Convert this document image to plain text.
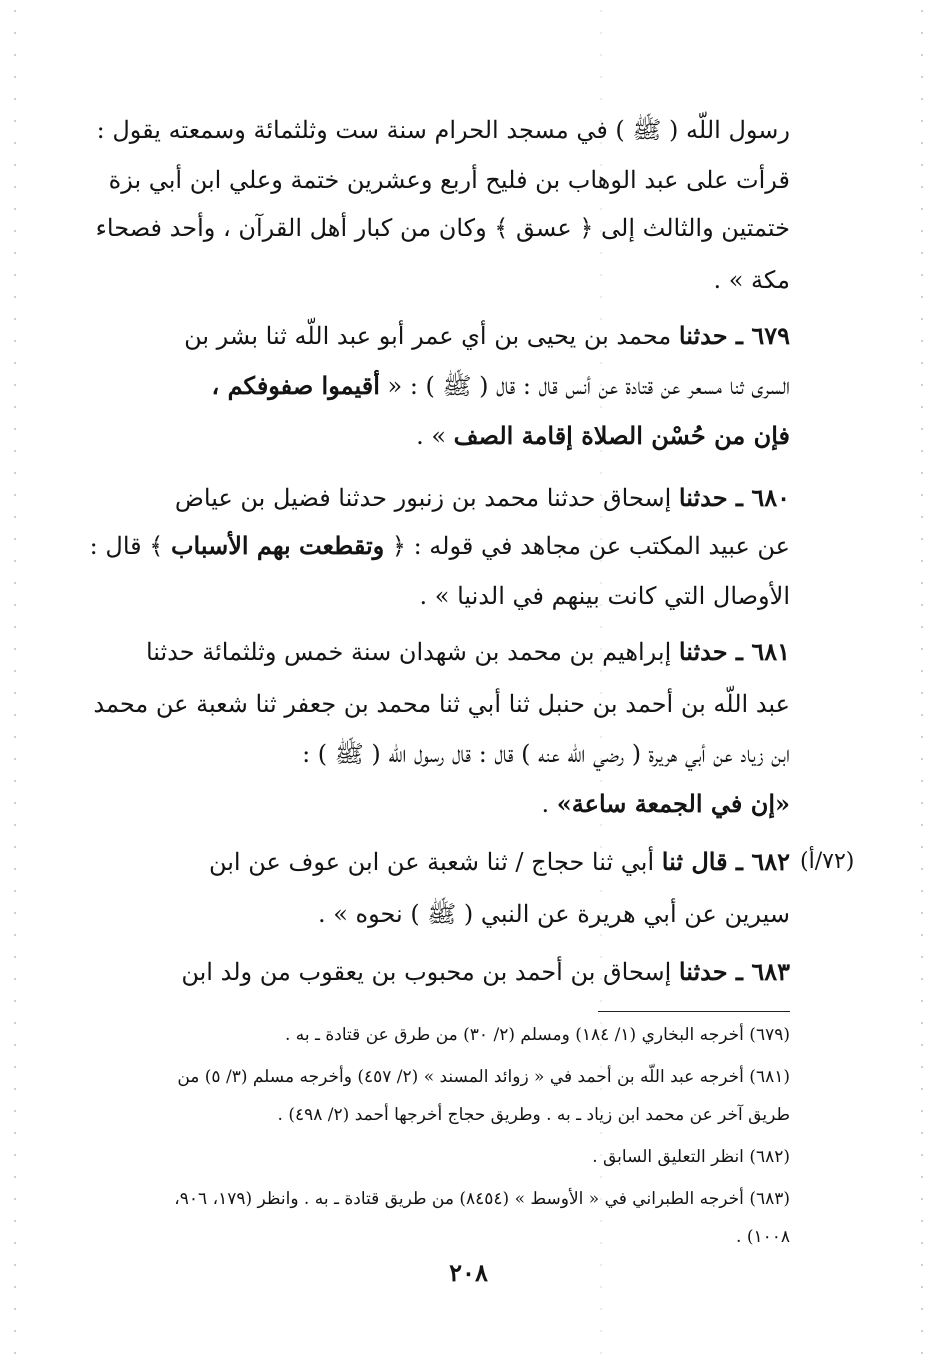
رسول اللّه ( ﷺ ) في مسجد الحرام سنة ست وثلثمائة وسمعته يقول :
قرأت على عبد الوهاب بن فليح أربع وعشرين ختمة وعلي ابن أبي بزة
ختمتين والثالث إلى ﴿ عسق ﴾ وكان من كبار أهل القرآن ، وأحد فصحاء
مكة » .
٦٧٩ ـ حدثنا محمد بن يحيى بن أي عمر أبو عبد اللّه ثنا بشر بن
السرى ثنا مسعر عن قتادة عن أنس قال : قال ( ﷺ ) : « أقيموا صفوفكم ،
فإن من حُسْن الصلاة إقامة الصف » .
٦٨٠ ـ حدثنا إسحاق حدثنا محمد بن زنبور حدثنا فضيل بن عياض
عن عبيد المكتب عن مجاهد في قوله : ﴿ وتقطعت بهم الأسباب ﴾ قال :
الأوصال التي كانت بينهم في الدنيا » .
٦٨١ ـ حدثنا إبراهيم بن محمد بن شهدان سنة خمس وثلثمائة حدثنا
عبد اللّه بن أحمد بن حنبل ثنا أبي ثنا محمد بن جعفر ثنا شعبة عن محمد
ابن زياد عن أبي هريرة ( رضي اللّه عنه ) قال : قال رسول اللّه ( ﷺ ) :
«إن في الجمعة ساعة» .
٦٨٢ ـ قال ثنا أبي ثنا حجاج / ثنا شعبة عن ابن عوف عن ابن
سيرين عن أبي هريرة عن النبي ( ﷺ ) نحوه » .
(٧٢/أ)
٦٨٣ ـ حدثنا إسحاق بن أحمد بن محبوب بن يعقوب من ولد ابن
(٦٧٩) أخرجه البخاري (١/ ١٨٤) ومسلم (٢/ ٣٠) من طرق عن قتادة ـ به .
(٦٨١) أخرجه عبد اللّه بن أحمد في « زوائد المسند » (٢/ ٤٥٧) وأخرجه مسلم (٣/ ٥) من
طريق آخر عن محمد ابن زياد ـ به . وطريق حجاج أخرجها أحمد (٢/ ٤٩٨) .
(٦٨٢) انظر التعليق السابق .
(٦٨٣) أخرجه الطبراني في « الأوسط » (٨٤٥٤) من طريق قتادة ـ به . وانظر (١٧٩، ٩٠٦،
١٠٠٨) .
٢٠٨
